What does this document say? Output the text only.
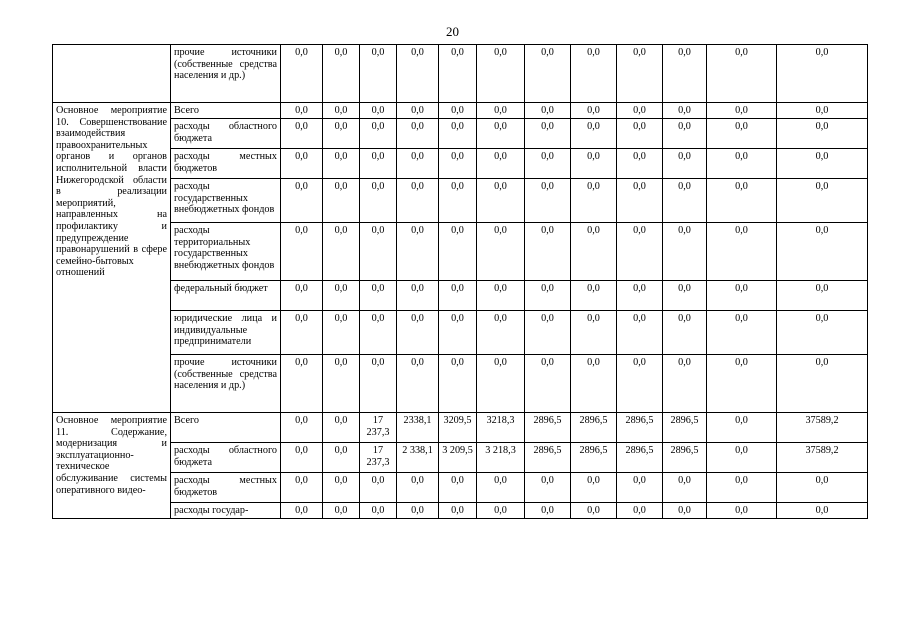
20
	прочие источники (собственные средства населения и др.)	0,0	0,0	0,0	0,0	0,0	0,0	0,0	0,0	0,0	0,0	0,0	0,0
Основное мероприятие 10. Совершенствование взаимодействия правоохранительных органов и органов исполнительной власти Нижегородской области в реализации мероприятий, направленных на профилактику и предупреждение правонарушений в сфере семейно-бытовых отношений	Всего	0,0	0,0	0,0	0,0	0,0	0,0	0,0	0,0	0,0	0,0	0,0	0,0
	расходы областного бюджета	0,0	0,0	0,0	0,0	0,0	0,0	0,0	0,0	0,0	0,0	0,0	0,0
	расходы местных бюджетов	0,0	0,0	0,0	0,0	0,0	0,0	0,0	0,0	0,0	0,0	0,0	0,0
	расходы государственных внебюджетных фондов	0,0	0,0	0,0	0,0	0,0	0,0	0,0	0,0	0,0	0,0	0,0	0,0
	расходы территориальных государственных внебюджетных фондов	0,0	0,0	0,0	0,0	0,0	0,0	0,0	0,0	0,0	0,0	0,0	0,0
	федеральный бюджет	0,0	0,0	0,0	0,0	0,0	0,0	0,0	0,0	0,0	0,0	0,0	0,0
	юридические лица и индивидуальные предприниматели	0,0	0,0	0,0	0,0	0,0	0,0	0,0	0,0	0,0	0,0	0,0	0,0
	прочие источники (собственные средства населения и др.)	0,0	0,0	0,0	0,0	0,0	0,0	0,0	0,0	0,0	0,0	0,0	0,0
Основное мероприятие 11. Содержание, модернизация и эксплуатационно-техническое обслуживание системы оперативного видео-	Всего	0,0	0,0	17 237,3	2338,1	3209,5	3218,3	2896,5	2896,5	2896,5	2896,5	0,0	37589,2
	расходы областного бюджета	0,0	0,0	17 237,3	2 338,1	3 209,5	3 218,3	2896,5	2896,5	2896,5	2896,5	0,0	37589,2
	расходы местных бюджетов	0,0	0,0	0,0	0,0	0,0	0,0	0,0	0,0	0,0	0,0	0,0	0,0
	расходы государ-	0,0	0,0	0,0	0,0	0,0	0,0	0,0	0,0	0,0	0,0	0,0	0,0
